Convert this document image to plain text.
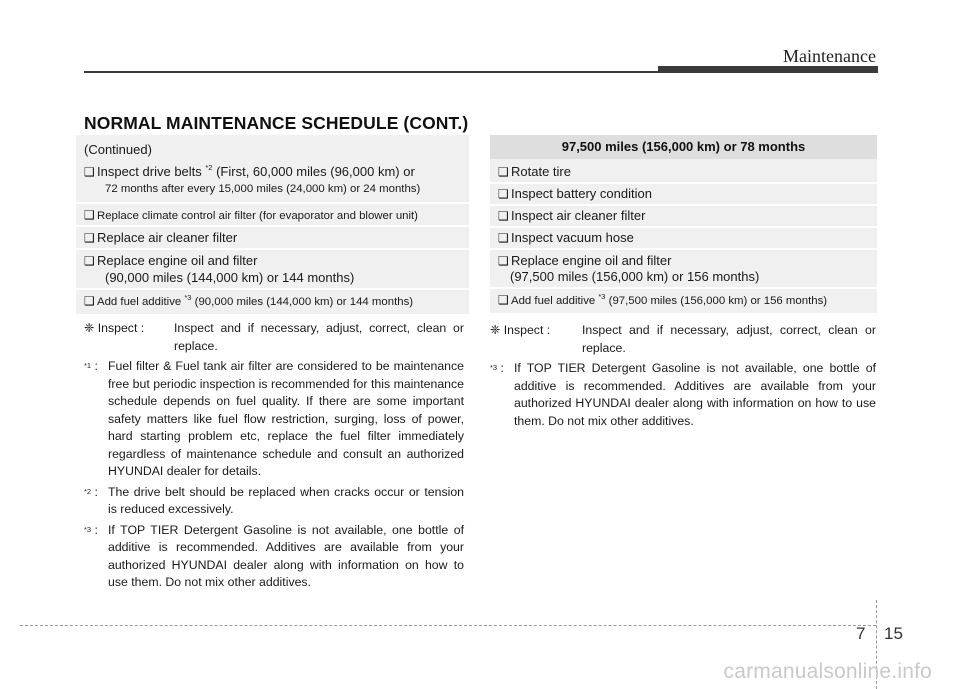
Maintenance
NORMAL MAINTENANCE SCHEDULE (CONT.)
(Continued)
❑ Inspect drive belts $^{*2}$ (First, 60,000 miles (96,000 km) or
72 months after every 15,000 miles (24,000 km) or 24 months)
❑ Replace climate control air filter (for evaporator and blower unit)
❑ Replace air cleaner filter
❑ Replace engine oil and filter
(90,000 miles (144,000 km) or 144 months)
❑ Add fuel additive $^{*3}$ (90,000 miles (144,000 km) or 144 months)
97,500 miles (156,000 km) or 78 months
❑ Rotate tire
❑ Inspect battery condition
❑ Inspect air cleaner filter
❑ Inspect vacuum hose
❑ Replace engine oil and filter
(97,500 miles (156,000 km) or 156 months)
❑ Add fuel additive $^{*3}$ (97,500 miles (156,000 km) or 156 months)
❈ Inspect : Inspect and if necessary, adjust, correct, clean or replace.
$^{*1}$ : Fuel filter & Fuel tank air filter are considered to be maintenance free but periodic inspection is recommended for this maintenance schedule depends on fuel quality. If there are some important safety matters like fuel flow restriction, surging, loss of power, hard starting problem etc, replace the fuel filter immediately regardless of maintenance schedule and consult an authorized HYUNDAI dealer for details.
$^{*2}$ : The drive belt should be replaced when cracks occur or tension is reduced excessively.
$^{*3}$ : If TOP TIER Detergent Gasoline is not available, one bottle of additive is recommended. Additives are available from your authorized HYUNDAI dealer along with information on how to use them. Do not mix other additives.
❈ Inspect :	Inspect and if necessary, adjust, correct, clean or replace.
$^{*3}$ : If TOP TIER Detergent Gasoline is not available, one bottle of additive is recommended. Additives are available from your authorized HYUNDAI dealer along with information on how to use them. Do not mix other additives.
7 15
carmanualsonline.info
